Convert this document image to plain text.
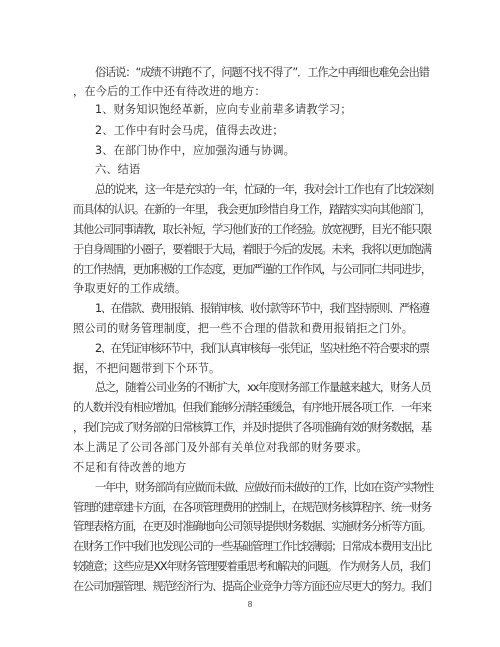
俗话说：“成绩不讲跑不了，问题不找不得了”．工作之中再细也难免会出错
，在今后的工作中还有待改进的地方：
1、财务知识饱经革新，应向专业前辈多请教学习；
2、工作中有时会马虎，值得去改进；
3、在部门协作中，应加强沟通与协调。
六、结语
总的说来，这一年是充实的一年，忙碌的一年，我对会计工作也有了比较深刻
而具体的认识。在新的一年里， 我会更加珍惜自身工作，踏踏实实向其他部门，
其他公司同事请教，取长补短，学习他们好的工作经验。放宽视野，目光不能只限
于自身周围的小圈子，要着眼于大局，着眼于今后的发展。未来，我将以更加饱满
的工作热情，更加积极的工作态度，更加严谨的工作作风，与公司同仁共同进步，
争取更好的工作成绩。
1、在借款、费用报销、报销审核、收付款等环节中，我们坚持原则、严格遵
照公司的财务管理制度，把一些不合理的借款和费用报销拒之门外。
2、在凭证审核环节中，我们认真审核每一张凭证，坚决杜绝不符合要求的票
据，不把问题带到下个环节。
总之，随着公司业务的不断扩大，xx年度财务部工作量越来越大，财务人员
的人数并没有相应增加。但我们能够分清轻重缓急，有序地开展各项工作．一年来
，我们完成了财务部的日常核算工作，并及时提供了各项准确有效的财务数据，基
本上满足了公司各部门及外部有关单位对我部的财务要求。
不足和有待改善的地方
一年中，财务部尚有应做而未做、应做好而未做好的工作，比如在资产实物性
管理的建章建卡方面，在各项管理费用的控制上，在规范财务核算程序、统一财务
管理表格方面，在更及时准确地向公司领导提供财务数据、实施财务分析等方面。
在财务工作中我们也发现公司的一些基础管理工作比较薄弱；日常成本费用支出比
较随意；这些应是XX年财务管理要着重思考和解决的问题。 作为财务人员，我们
在公司加强管理、规范经济行为、提高企业竞争力等方面还应尽更大的努力。我们
8
